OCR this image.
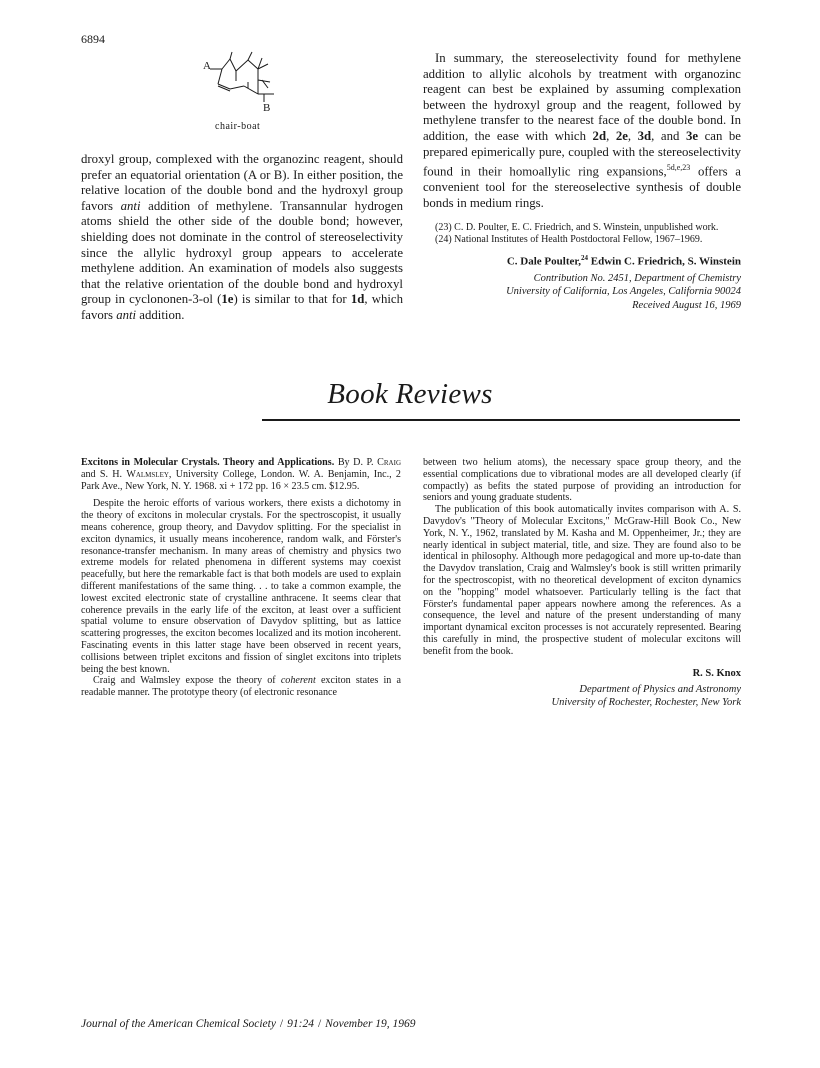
6894
A
B
chair-boat

droxyl group, complexed with the organozinc reagent, should prefer an equatorial orientation (A or B). In either position, the relative location of the double bond and the hydroxyl group favors anti addition of methylene. Transannular hydrogen atoms shield the other side of the double bond; however, shielding does not dominate in the control of stereoselectivity since the allylic hydroxyl group appears to accelerate methylene addition. An examination of models also suggests that the relative orientation of the double bond and hydroxyl group in cyclononen-3-ol (1e) is similar to that for 1d, which favors anti addition.

In summary, the stereoselectivity found for methylene addition to allylic alcohols by treatment with organozinc reagent can best be explained by assuming complexation between the hydroxyl group and the reagent, followed by methylene transfer to the nearest face of the double bond. In addition, the ease with which 2d, 2e, 3d, and 3e can be prepared epimerically pure, coupled with the stereoselectivity found in their homoallylic ring expansions,$^{5d,e,23}$ offers a convenient tool for the stereoselective synthesis of double bonds in medium rings.

(23) C. D. Poulter, E. C. Friedrich, and S. Winstein, unpublished work.

(24) National Institutes of Health Postdoctoral Fellow, 1967–1969.

C. Dale Poulter,$^{24}$ Edwin C. Friedrich, S. Winstein

Contribution No. 2451, Department of Chemistry

University of California, Los Angeles, California 90024

Received August 16, 1969

Book Reviews

Excitons in Molecular Crystals. Theory and Applications. By D. P. Craig and S. H. Walmsley, University College, London. W. A. Benjamin, Inc., 2 Park Ave., New York, N. Y. 1968. xi + 172 pp. 16 × 23.5 cm. $12.95.

Despite the heroic efforts of various workers, there exists a dichotomy in the theory of excitons in molecular crystals. For the spectroscopist, it usually means coherence, group theory, and Davydov splitting. For the specialist in exciton dynamics, it usually means incoherence, random walk, and Förster's resonance-transfer mechanism. In many areas of chemistry and physics two extreme models for related phenomena in different systems may coexist peacefully, but here the remarkable fact is that both models are used to explain different manifestations of the same thing. . . to take a common example, the lowest excited electronic state of crystalline anthracene. It seems clear that coherence prevails in the early life of the exciton, at least over a sufficient spatial volume to ensure observation of Davydov splitting, but as lattice scattering progresses, the exciton becomes localized and its motion incoherent. Fascinating events in this latter stage have been observed in recent years, collisions between triplet excitons and fission of singlet excitons into triplets being the best known.

Craig and Walmsley expose the theory of coherent exciton states in a readable manner. The prototype theory (of electronic resonance

between two helium atoms), the necessary space group theory, and the essential complications due to vibrational modes are all developed clearly (if compactly) as befits the stated purpose of providing an introduction for seniors and young graduate students.

The publication of this book automatically invites comparison with A. S. Davydov's "Theory of Molecular Excitons," McGraw-Hill Book Co., New York, N. Y., 1962, translated by M. Kasha and M. Oppenheimer, Jr.; they are nearly identical in subject material, title, and size. They are found also to be identical in philosophy. Although more pedagogical and more up-to-date than the Davydov translation, Craig and Walmsley's book is still written primarily for the spectroscopist, with no theoretical development of exciton dynamics on the "hopping" model whatsoever. Particularly telling is the fact that Förster's fundamental paper appears nowhere among the references. As a consequence, the level and nature of the present understanding of many important dynamical exciton processes is not accurately represented. Bearing this carefully in mind, the prospective student of molecular excitons will benefit from the book.

R. S. Knox

Department of Physics and Astronomy

University of Rochester, Rochester, New York

Journal of the American Chemical Society / 91:24 / November 19, 1969
